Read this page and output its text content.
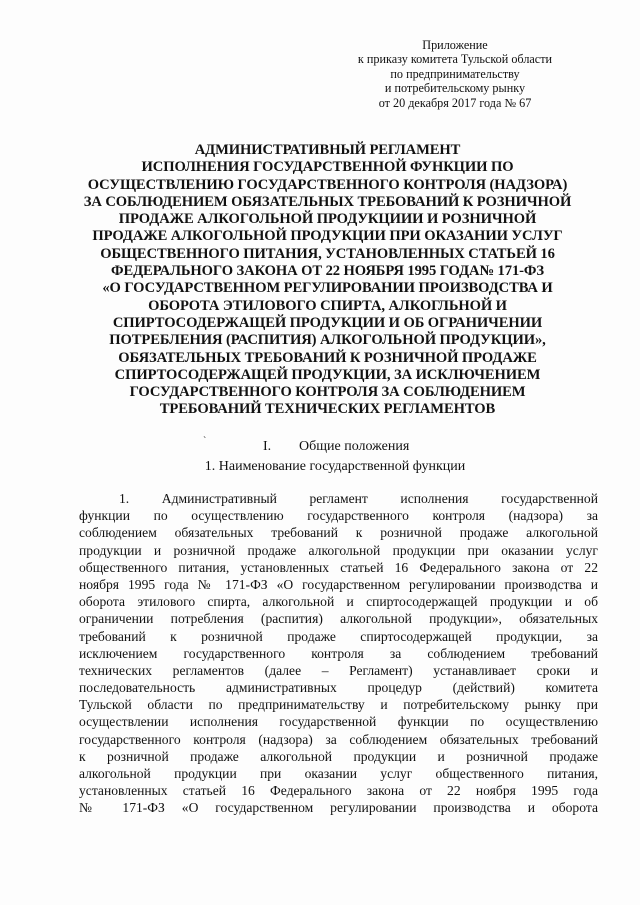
Приложение
к приказу комитета Тульской области
по предпринимательству
и потребительскому рынку
от 20 декабря 2017 года № 67
АДМИНИСТРАТИВНЫЙ РЕГЛАМЕНТ
ИСПОЛНЕНИЯ ГОСУДАРСТВЕННОЙ ФУНКЦИИ ПО
ОСУЩЕСТВЛЕНИЮ ГОСУДАРСТВЕННОГО КОНТРОЛЯ (НАДЗОРА)
ЗА СОБЛЮДЕНИЕМ ОБЯЗАТЕЛЬНЫХ ТРЕБОВАНИЙ К РОЗНИЧНОЙ
ПРОДАЖЕ АЛКОГОЛЬНОЙ ПРОДУКЦИИИ И РОЗНИЧНОЙ
ПРОДАЖЕ АЛКОГОЛЬНОЙ ПРОДУКЦИИ ПРИ ОКАЗАНИИ УСЛУГ
ОБЩЕСТВЕННОГО ПИТАНИЯ, УСТАНОВЛЕННЫХ СТАТЬЕЙ 16
ФЕДЕРАЛЬНОГО ЗАКОНА ОТ 22 НОЯБРЯ 1995 ГОДА№ 171-ФЗ
«О ГОСУДАРСТВЕННОМ РЕГУЛИРОВАНИИ ПРОИЗВОДСТВА И
ОБОРОТА ЭТИЛОВОГО СПИРТА, АЛКОГЛЬНОЙ И
СПИРТОСОДЕРЖАЩЕЙ ПРОДУКЦИИ И ОБ ОГРАНИЧЕНИИ
ПОТРЕБЛЕНИЯ (РАСПИТИЯ) АЛКОГОЛЬНОЙ ПРОДУКЦИИ»,
ОБЯЗАТЕЛЬНЫХ ТРЕБОВАНИЙ К РОЗНИЧНОЙ ПРОДАЖЕ
СПИРТОСОДЕРЖАЩЕЙ ПРОДУКЦИИ, ЗА ИСКЛЮЧЕНИЕМ
ГОСУДАРСТВЕННОГО КОНТРОЛЯ ЗА СОБЛЮДЕНИЕМ
ТРЕБОВАНИЙ ТЕХНИЧЕСКИХ РЕГЛАМЕНТОВ
`	I. Общие положения
1. Наименование государственной функции
1. Административный регламент исполнения государственной
функции по осуществлению государственного контроля (надзора) за
соблюдением обязательных требований к розничной продаже алкогольной
продукции и розничной продаже алкогольной продукции при оказании услуг
общественного питания, установленных статьей 16 Федерального закона от 22
ноября 1995 года № 171-ФЗ «О государственном регулировании производства и
оборота этилового спирта, алкогольной и спиртосодержащей продукции и об
ограничении потребления (распития) алкогольной продукции», обязательных
требований к розничной продаже спиртосодержащей продукции, за
исключением государственного контроля за соблюдением требований
технических регламентов (далее – Регламент) устанавливает сроки и
последовательность административных процедур (действий) комитета
Тульской области по предпринимательству и потребительскому рынку при
осуществлении исполнения государственной функции по осуществлению
государственного контроля (надзора) за соблюдением обязательных требований
к розничной продаже алкогольной продукции и розничной продаже
алкогольной продукции при оказании услуг общественного питания,
установленных статьей 16 Федерального закона от 22 ноября 1995 года
№ 171-ФЗ «О государственном регулировании производства и оборота
